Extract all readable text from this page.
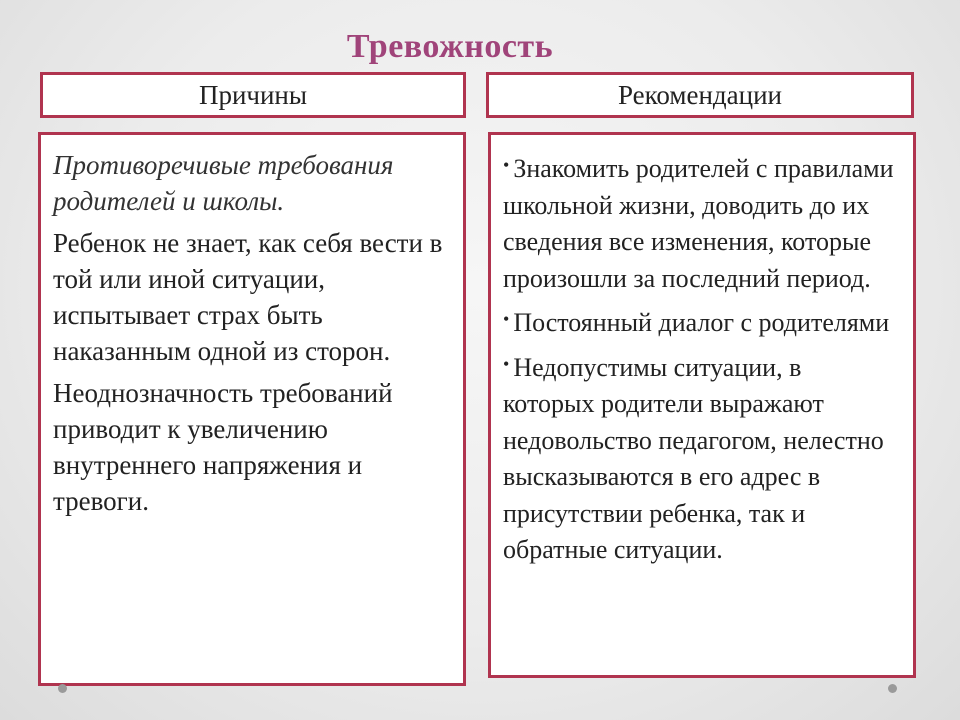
Тревожность
Причины	Рекомендации

Противоречивые требования родителей и школы.

Ребенок не знает, как себя вести в той или иной ситуации, испытывает страх быть наказанным одной из сторон.

Неоднозначность требований приводит к увеличению внутреннего напряжения и тревоги.

• Знакомить родителей с правилами школьной жизни, доводить до их сведения все изменения, которые произошли за последний период.

• Постоянный диалог с родителями

• Недопустимы ситуации, в которых родители выражают недовольство педагогом, нелестно высказываются в его адрес в присутствии ребенка, так и обратные ситуации.
